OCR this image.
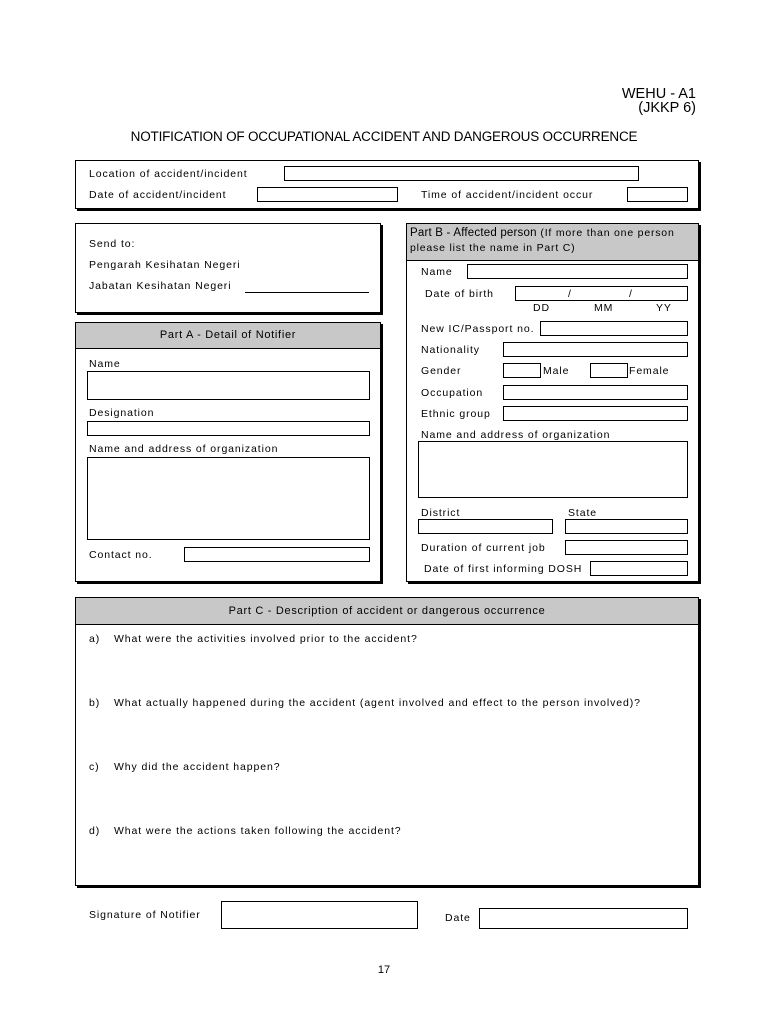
WEHU - A1
(JKKP 6)
NOTIFICATION OF OCCUPATIONAL ACCIDENT AND DANGEROUS OCCURRENCE
Location of accident/incident
Date of accident/incident	Time of accident/incident occur
Send to:
Pengarah Kesihatan Negeri
Jabatan Kesihatan Negeri
Part A - Detail of Notifier
Name
Designation
Name and address of organization
Contact no.
Part B - Affected person (If more than one person please list the name in Part C)
Name
Date of birth	/	/
DD	MM	YY
New IC/Passport no.
Nationality
Gender	Male	Female
Occupation
Ethnic group
Name and address of organization
District	State
Duration of current job
Date of first informing DOSH
Part C - Description of accident or dangerous occurrence
a) What were the activities involved prior to the accident?
b) What actually happened during the accident (agent involved and effect to the person involved)?
c) Why did the accident happen?
d) What were the actions taken following the accident?
Signature of Notifier	Date
17
